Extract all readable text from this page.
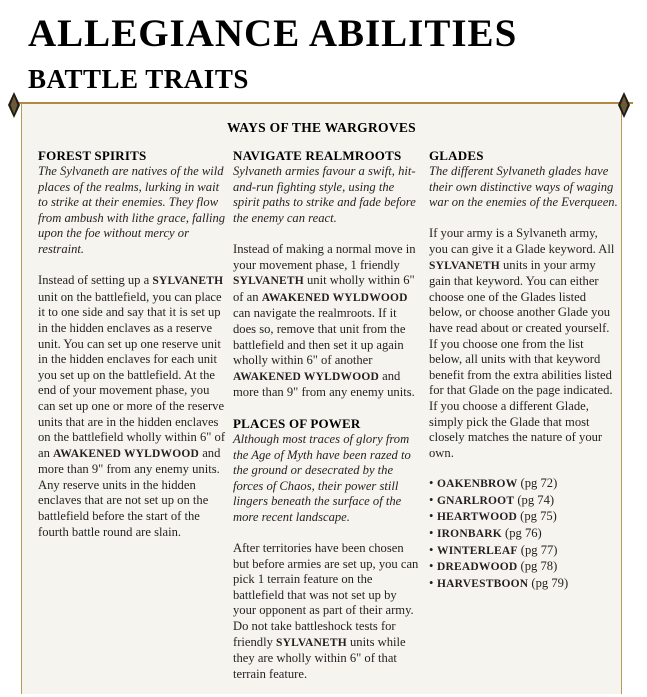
ALLEGIANCE ABILITIES
BATTLE TRAITS
WAYS OF THE WARGROVES
FOREST SPIRITS

The Sylvaneth are natives of the wild places of the realms, lurking in wait to strike at their enemies. They flow from ambush with lithe grace, falling upon the foe without mercy or restraint.

Instead of setting up a SYLVANETH unit on the battlefield, you can place it to one side and say that it is set up in the hidden enclaves as a reserve unit. You can set up one reserve unit in the hidden enclaves for each unit you set up on the battlefield. At the end of your movement phase, you can set up one or more of the reserve units that are in the hidden enclaves on the battlefield wholly within 6" of an AWAKENED WYLDWOOD and more than 9" from any enemy units. Any reserve units in the hidden enclaves that are not set up on the battlefield before the start of the fourth battle round are slain.

NAVIGATE REALMROOTS

Sylvaneth armies favour a swift, hit-and-run fighting style, using the spirit paths to strike and fade before the enemy can react.

Instead of making a normal move in your movement phase, 1 friendly SYLVANETH unit wholly within 6" of an AWAKENED WYLDWOOD can navigate the realmroots. If it does so, remove that unit from the battlefield and then set it up again wholly within 6" of another AWAKENED WYLDWOOD and more than 9" from any enemy units.

PLACES OF POWER

Although most traces of glory from the Age of Myth have been razed to the ground or desecrated by the forces of Chaos, their power still lingers beneath the surface of the more recent landscape.

After territories have been chosen but before armies are set up, you can pick 1 terrain feature on the battlefield that was not set up by your opponent as part of their army. Do not take battleshock tests for friendly SYLVANETH units while they are wholly within 6" of that terrain feature.

GLADES

The different Sylvaneth glades have their own distinctive ways of waging war on the enemies of the Everqueen.

If your army is a Sylvaneth army, you can give it a Glade keyword. All SYLVANETH units in your army gain that keyword. You can either choose one of the Glades listed below, or choose another Glade you have read about or created yourself. If you choose one from the list below, all units with that keyword benefit from the extra abilities listed for that Glade on the page indicated. If you choose a different Glade, simply pick the Glade that most closely matches the nature of your own.

• OAKENBROW (pg 72)
• GNARLROOT (pg 74)
• HEARTWOOD (pg 75)
• IRONBARK (pg 76)
• WINTERLEAF (pg 77)
• DREADWOOD (pg 78)
• HARVESTBOON (pg 79)
